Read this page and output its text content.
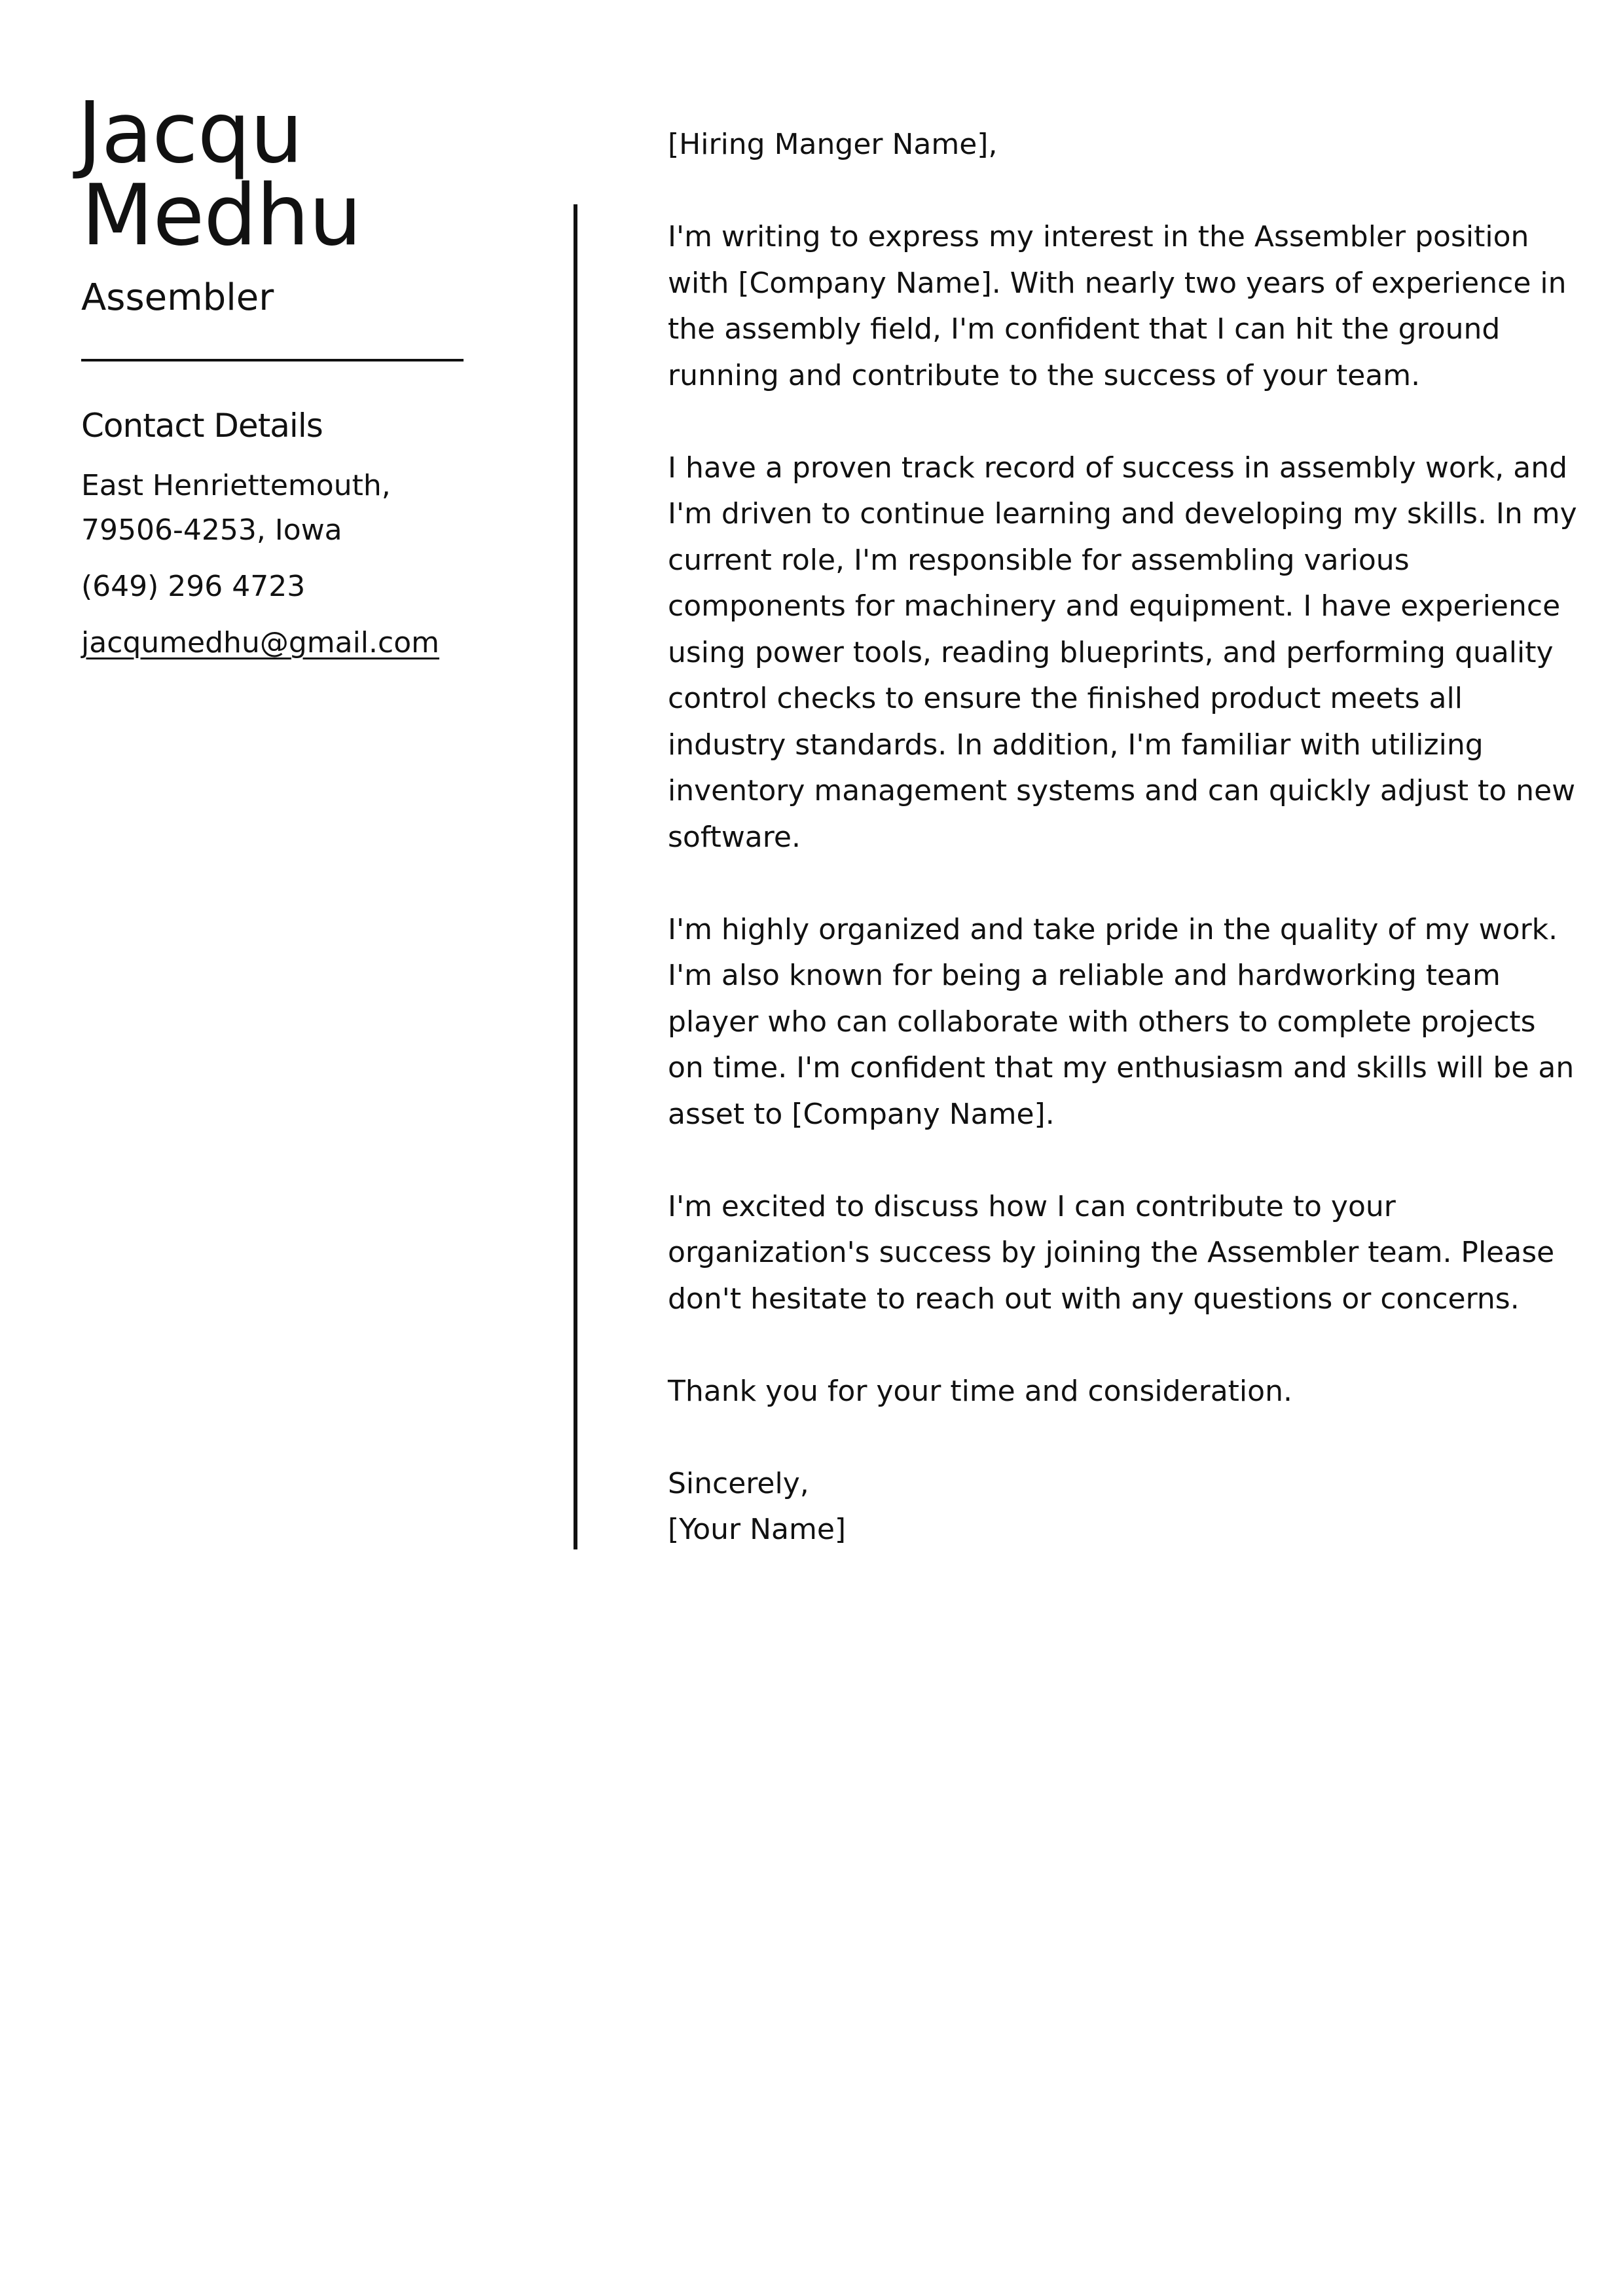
Jacqu
Medhu
Assembler
Contact Details
East Henriettemouth,
79506-4253, Iowa
(649) 296 4723
jacqumedhu@gmail.com

[Hiring Manger Name],

I'm writing to express my interest in the Assembler position
with [Company Name]. With nearly two years of experience in
the assembly field, I'm confident that I can hit the ground
running and contribute to the success of your team.

I have a proven track record of success in assembly work, and
I'm driven to continue learning and developing my skills. In my
current role, I'm responsible for assembling various
components for machinery and equipment. I have experience
using power tools, reading blueprints, and performing quality
control checks to ensure the finished product meets all
industry standards. In addition, I'm familiar with utilizing
inventory management systems and can quickly adjust to new
software.

I'm highly organized and take pride in the quality of my work.
I'm also known for being a reliable and hardworking team
player who can collaborate with others to complete projects
on time. I'm confident that my enthusiasm and skills will be an
asset to [Company Name].

I'm excited to discuss how I can contribute to your
organization's success by joining the Assembler team. Please
don't hesitate to reach out with any questions or concerns.

Thank you for your time and consideration.

Sincerely,
[Your Name]
